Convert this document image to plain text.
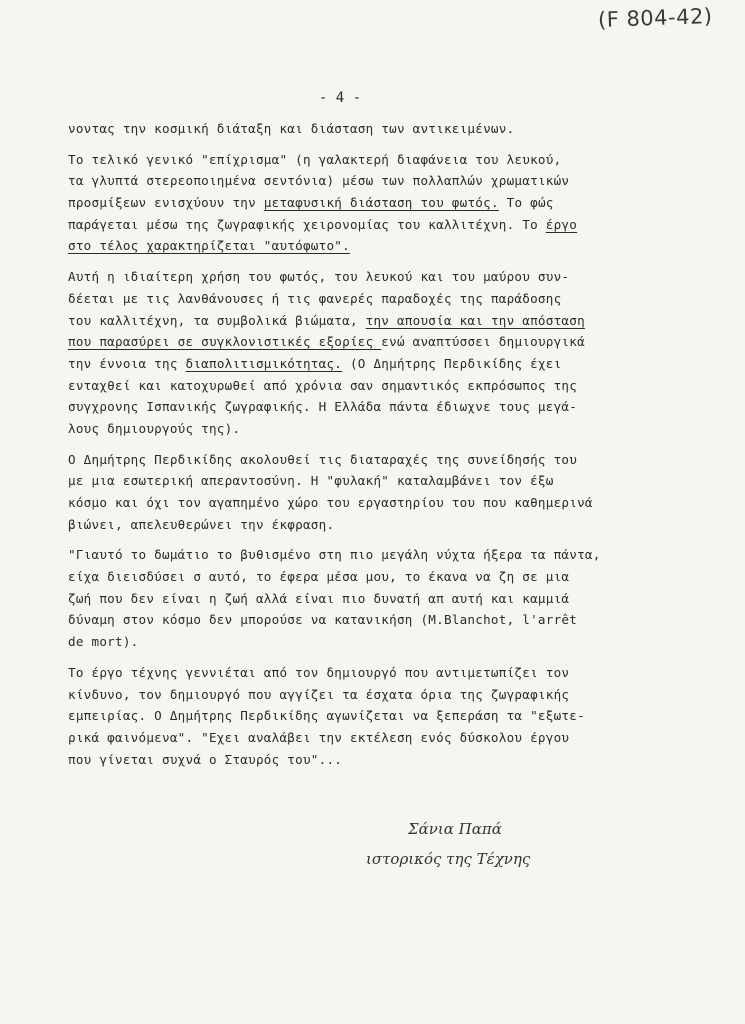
(F 804-42)
- 4 -
νοντας την κοσμική διάταξη και διάσταση των αντικειμένων.
Το τελικό γενικό "επίχρισμα" (η γαλακτερή διαφάνεια του λευκού,
τα γλυπτά στερεοποιημένα σεντόνια) μέσω των πολλαπλών χρωματικών
προσμίξεων ενισχύουν την μεταφυσική διάσταση του φωτός. Το φώς
παράγεται μέσω της ζωγραφικής χειρονομίας του καλλιτέχνη. Το έργο
στο τέλος χαρακτηρίζεται "αυτόφωτο".
Αυτή η ιδιαίτερη χρήση του φωτός, του λευκού και του μαύρου συν-
δέεται με τις λανθάνουσες ή τις φανερές παραδοχές της παράδοσης
του καλλιτέχνη, τα συμβολικά βιώματα, την απουσία και την απόσταση
που παρασύρει σε συγκλονιστικές εξορίες ενώ αναπτύσσει δημιουργικά
την έννοια της διαπολιτισμικότητας. (Ο Δημήτρης Περδικίδης έχει
ενταχθεί και κατοχυρωθεί από χρόνια σαν σημαντικός εκπρόσωπος της
συγχρονης Ισπανικής ζωγραφικής. Η Ελλάδα πάντα έδιωχνε τους μεγά-
λους δημιουργούς της).
Ο Δημήτρης Περδικίδης ακολουθεί τις διαταραχές της συνείδησής του
με μια εσωτερική απεραντοσύνη. Η "φυλακή" καταλαμβάνει τον έξω
κόσμο και όχι τον αγαπημένο χώρο του εργαστηρίου του που καθημερινά
βιώνει, απελευθερώνει την έκφραση.
"Γιαυτό το δωμάτιο το βυθισμένο στη πιο μεγάλη νύχτα ήξερα τα πάντα,
είχα διεισδύσει σ αυτό, το έφερα μέσα μου, το έκανα να ζη σε μια
ζωή που δεν είναι η ζωή αλλά είναι πιο δυνατή απ αυτή και καμμιά
δύναμη στον κόσμο δεν μπορούσε να κατανικήση (M.Blanchot, l'arrêt
de mort).
Το έργο τέχνης γεννιέται από τον δημιουργό που αντιμετωπίζει τον
κίνδυνο, τον δημιουργό που αγγίζει τα έσχατα όρια της ζωγραφικής
εμπειρίας. Ο Δημήτρης Περδικίδης αγωνίζεται να ξεπεράση τα "εξωτε-
ρικά φαινόμενα". "Εχει αναλάβει την εκτέλεση ενός δύσκολου έργου
που γίνεται συχνά ο Σταυρός του"...
Σάνια Παπά
ιστορικός της Τέχνης
